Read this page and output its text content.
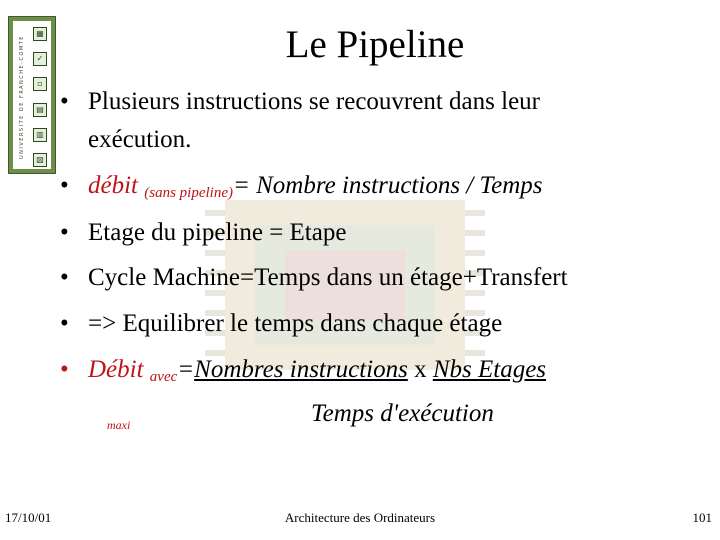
UNIVERSITE DE FRANCHE-COMTE
▦
✓
▫
▤
▥
▧
Le Pipeline
• Plusieurs instructions se recouvrent dans leur
exécution.
• débit $_{(sans pipeline)}$= Nombre instructions / Temps
• Etage du pipeline = Etape
• Cycle Machine=Temps dans un étage+Transfert
• => Equilibrer le temps dans chaque étage
• Débit $_{avec}$=Nombres instructions x Nbs Etages
maxi	Temps d'exécution
17/10/01	Architecture des Ordinateurs	101
